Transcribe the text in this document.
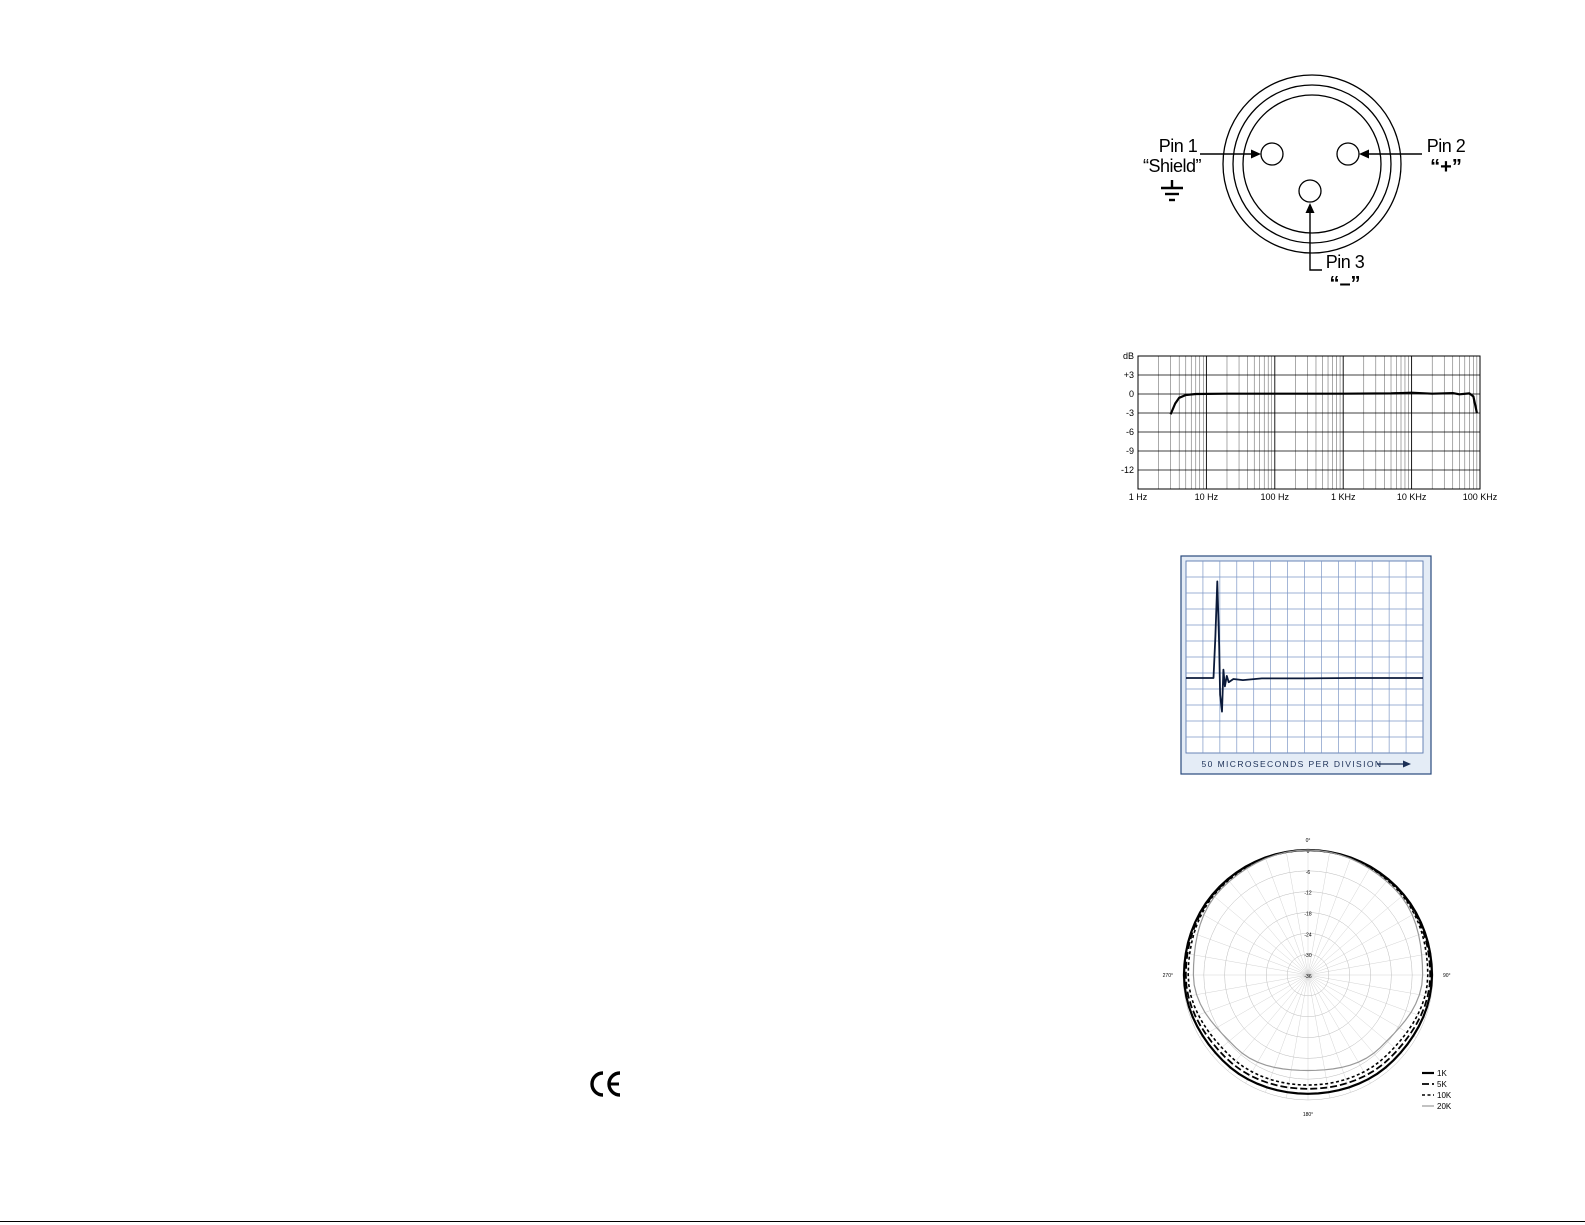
Pin 1
“Shield”
Pin 2
“+”
Pin 3
“–”
dB
+3
0
-3
-6
-9
-12
1 Hz	10 Hz	100 Hz	1 KHz	10 KHz	100 KHz
50 MICROSECONDS PER DIVISION
0
-6
-12
-18
-24
-30
-36
0°
90°
180°
270°
1K
5K
10K
20K
